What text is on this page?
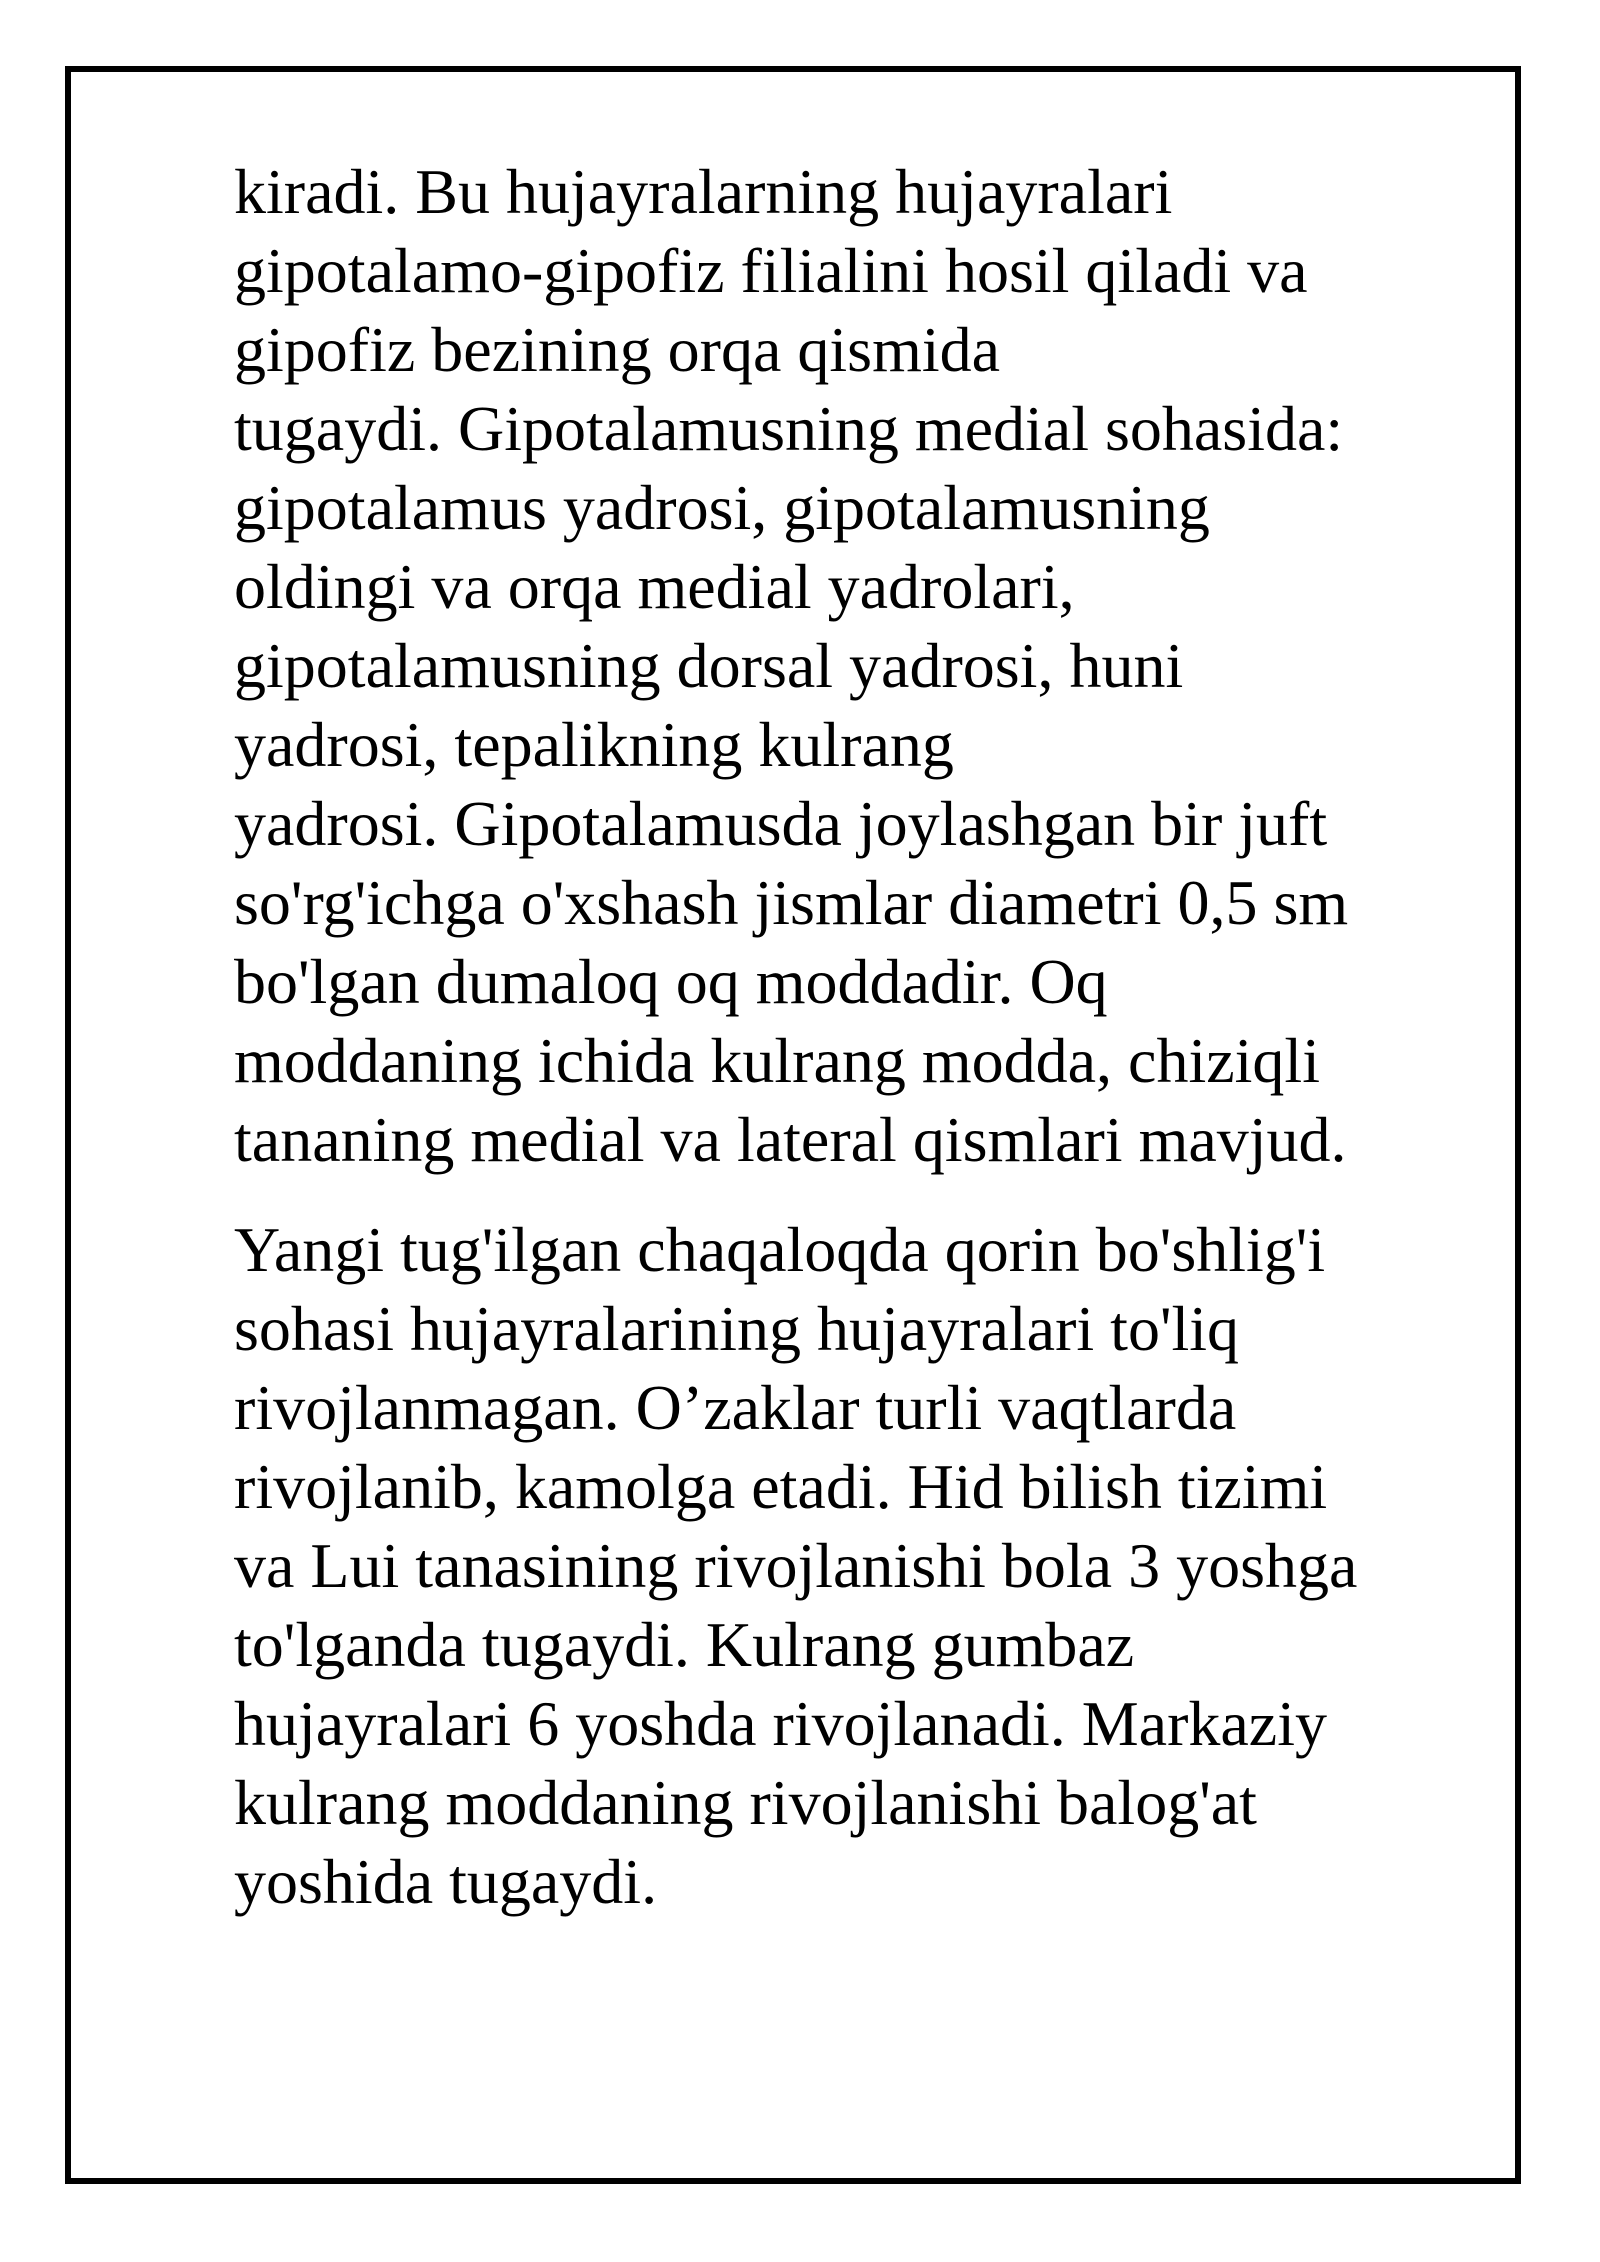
kiradi. Bu hujayralarning hujayralari
gipotalamo-gipofiz filialini hosil qiladi va
gipofiz bezining orqa qismida
tugaydi. Gipotalamusning medial sohasida:
gipotalamus yadrosi, gipotalamusning
oldingi va orqa medial yadrolari,
gipotalamusning dorsal yadrosi, huni
yadrosi, tepalikning kulrang
yadrosi. Gipotalamusda joylashgan bir juft
so'rg'ichga o'xshash jismlar diametri 0,5 sm
bo'lgan dumaloq oq moddadir. Oq
moddaning ichida kulrang modda, chiziqli
tananing medial va lateral qismlari mavjud.

Yangi tug'ilgan chaqaloqda qorin bo'shlig'i
sohasi hujayralarining hujayralari to'liq
rivojlanmagan. O’zaklar turli vaqtlarda
rivojlanib, kamolga etadi. Hid bilish tizimi
va Lui tanasining rivojlanishi bola 3 yoshga
to'lganda tugaydi. Kulrang gumbaz
hujayralari 6 yoshda rivojlanadi. Markaziy
kulrang moddaning rivojlanishi balog'at
yoshida tugaydi.
